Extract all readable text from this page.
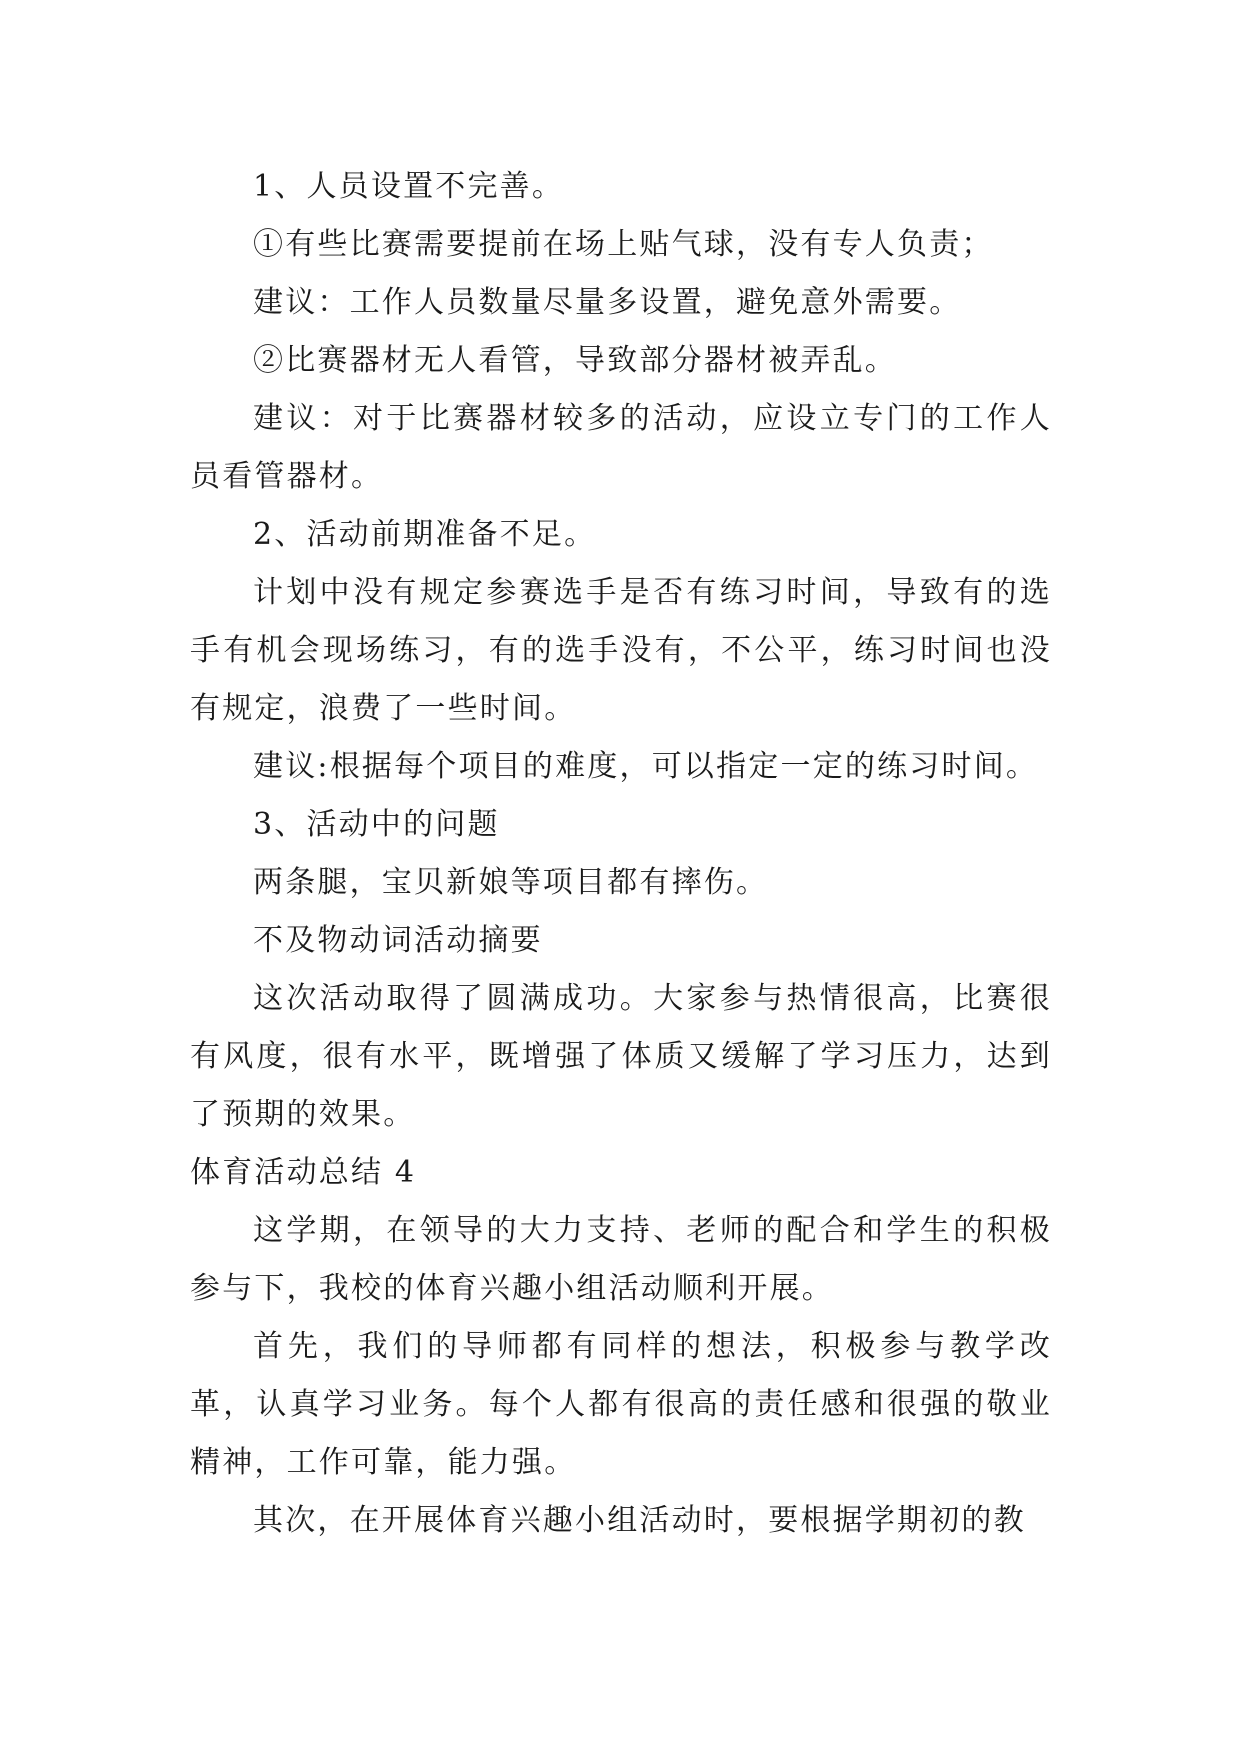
1、人员设置不完善。

①有些比赛需要提前在场上贴气球，没有专人负责；

建议：工作人员数量尽量多设置，避免意外需要。

②比赛器材无人看管，导致部分器材被弄乱。

建议：对于比赛器材较多的活动，应设立专门的工作人员看管器材。

2、活动前期准备不足。

计划中没有规定参赛选手是否有练习时间，导致有的选手有机会现场练习，有的选手没有，不公平，练习时间也没有规定，浪费了一些时间。

建议:根据每个项目的难度，可以指定一定的练习时间。

3、活动中的问题

两条腿，宝贝新娘等项目都有摔伤。

不及物动词活动摘要

这次活动取得了圆满成功。大家参与热情很高，比赛很有风度，很有水平，既增强了体质又缓解了学习压力，达到了预期的效果。

体育活动总结 4

这学期，在领导的大力支持、老师的配合和学生的积极参与下，我校的体育兴趣小组活动顺利开展。

首先，我们的导师都有同样的想法，积极参与教学改革，认真学习业务。每个人都有很高的责任感和很强的敬业精神，工作可靠，能力强。

其次，在开展体育兴趣小组活动时，要根据学期初的教
